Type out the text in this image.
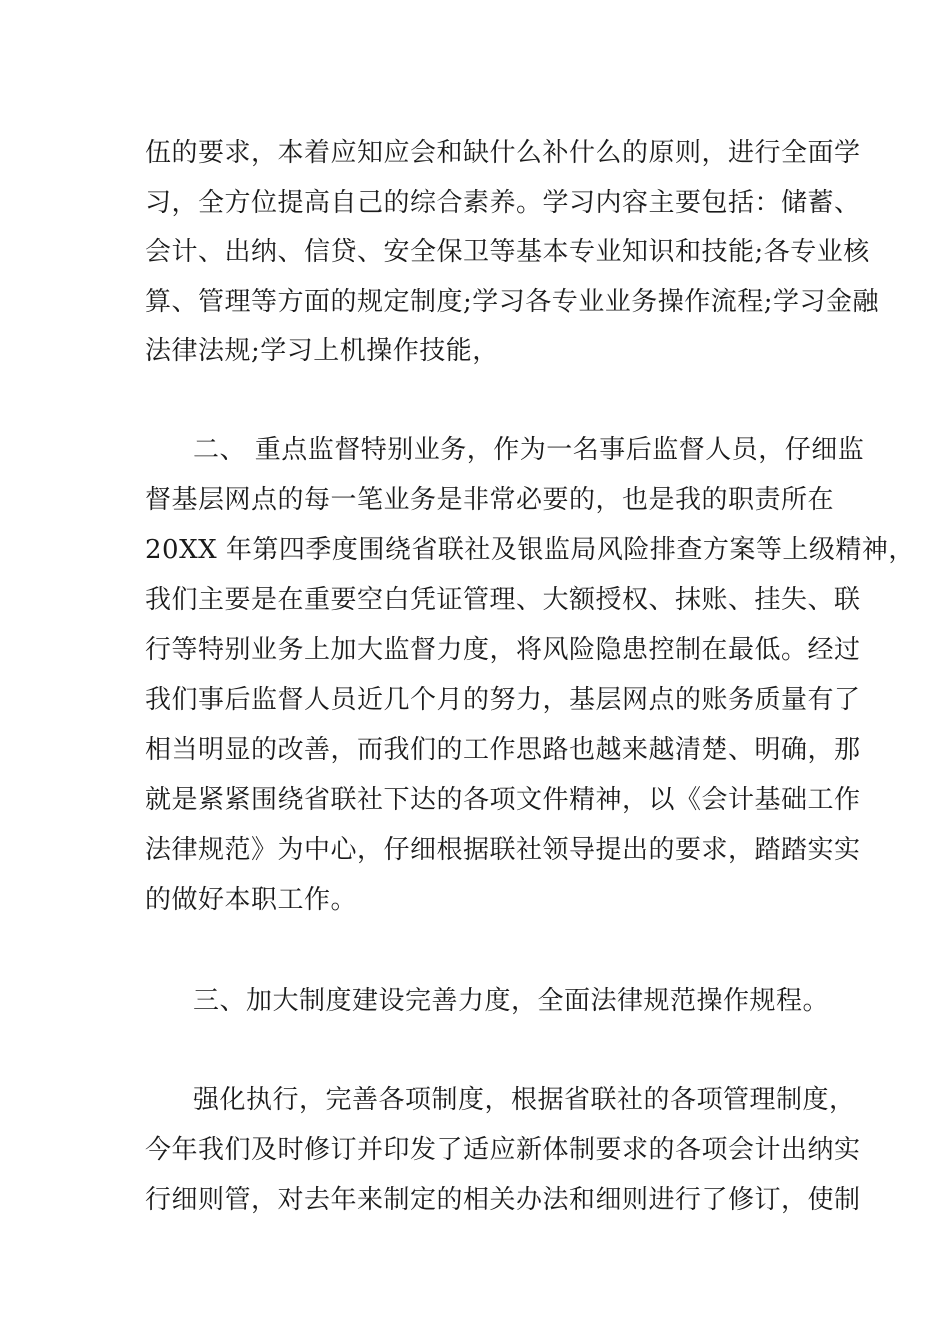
伍的要求，本着应知应会和缺什么补什么的原则，进行全面学
习，全方位提高自己的综合素养。学习内容主要包括：储蓄、
会计、出纳、信贷、安全保卫等基本专业知识和技能;各专业核
算、管理等方面的规定制度;学习各专业业务操作流程;学习金融
法律法规;学习上机操作技能，
二、 重点监督特别业务，作为一名事后监督人员，仔细监
督基层网点的每一笔业务是非常必要的，也是我的职责所在
20XX 年第四季度围绕省联社及银监局风险排查方案等上级精神，
我们主要是在重要空白凭证管理、大额授权、抹账、挂失、联
行等特别业务上加大监督力度，将风险隐患控制在最低。经过
我们事后监督人员近几个月的努力，基层网点的账务质量有了
相当明显的改善，而我们的工作思路也越来越清楚、明确，那
就是紧紧围绕省联社下达的各项文件精神，以《会计基础工作
法律规范》为中心，仔细根据联社领导提出的要求，踏踏实实
的做好本职工作。
三、加大制度建设完善力度，全面法律规范操作规程。
强化执行，完善各项制度，根据省联社的各项管理制度，
今年我们及时修订并印发了适应新体制要求的各项会计出纳实
行细则管，对去年来制定的相关办法和细则进行了修订，使制
